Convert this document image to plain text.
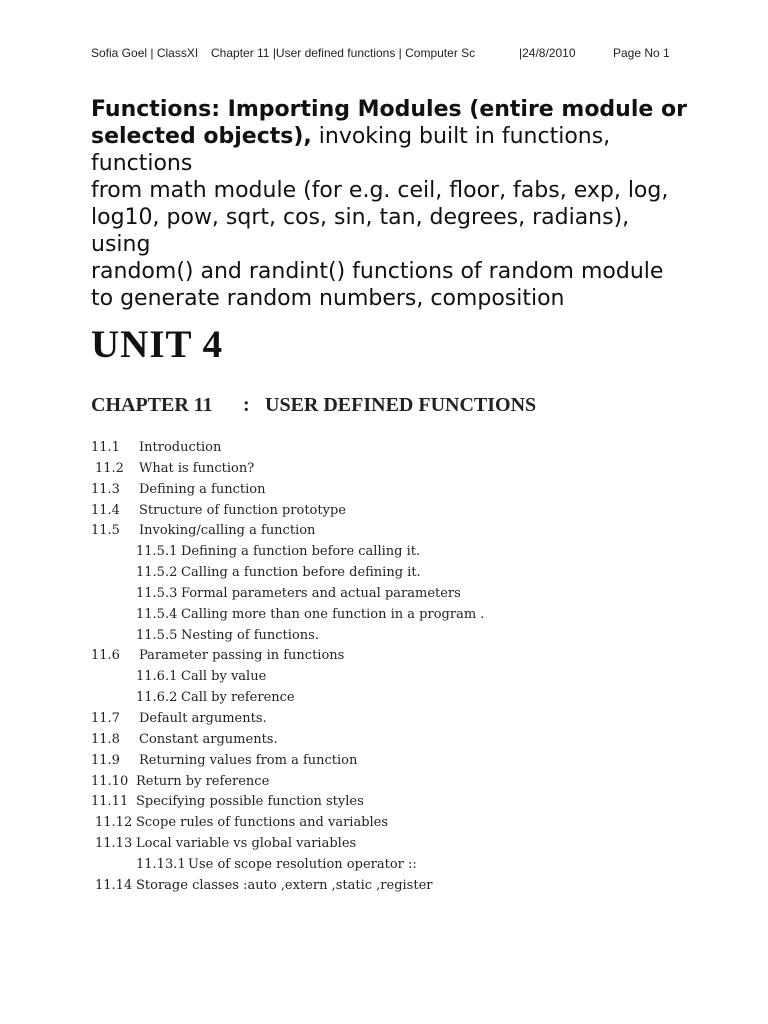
Sofia Goel | ClassXI Chapter 11 |User defined functions | Computer Sc	|24/8/2010	Page No 1

Functions: Importing Modules (entire module or selected objects), invoking built in functions, functions

from math module (for e.g. ceil, floor, fabs, exp, log, log10, pow, sqrt, cos, sin, tan, degrees, radians), using

random() and randint() functions of random module to generate random numbers, composition

UNIT 4
CHAPTER 11 : USER DEFINED FUNCTIONS
11.1 Introduction
11.2 What is function?
11.3 Defining a function
11.4 Structure of function prototype
11.5 Invoking/calling a function
11.5.1 Defining a function before calling it.
11.5.2 Calling a function before defining it.
11.5.3 Formal parameters and actual parameters
11.5.4 Calling more than one function in a program .
11.5.5 Nesting of functions.
11.6 Parameter passing in functions
11.6.1 Call by value
11.6.2 Call by reference
11.7 Default arguments.
11.8 Constant arguments.
11.9 Returning values from a function
11.10 Return by reference
11.11 Specifying possible function styles
11.12 Scope rules of functions and variables
11.13 Local variable vs global variables
11.13.1 Use of scope resolution operator ::
11.14 Storage classes :auto ,extern ,static ,register
